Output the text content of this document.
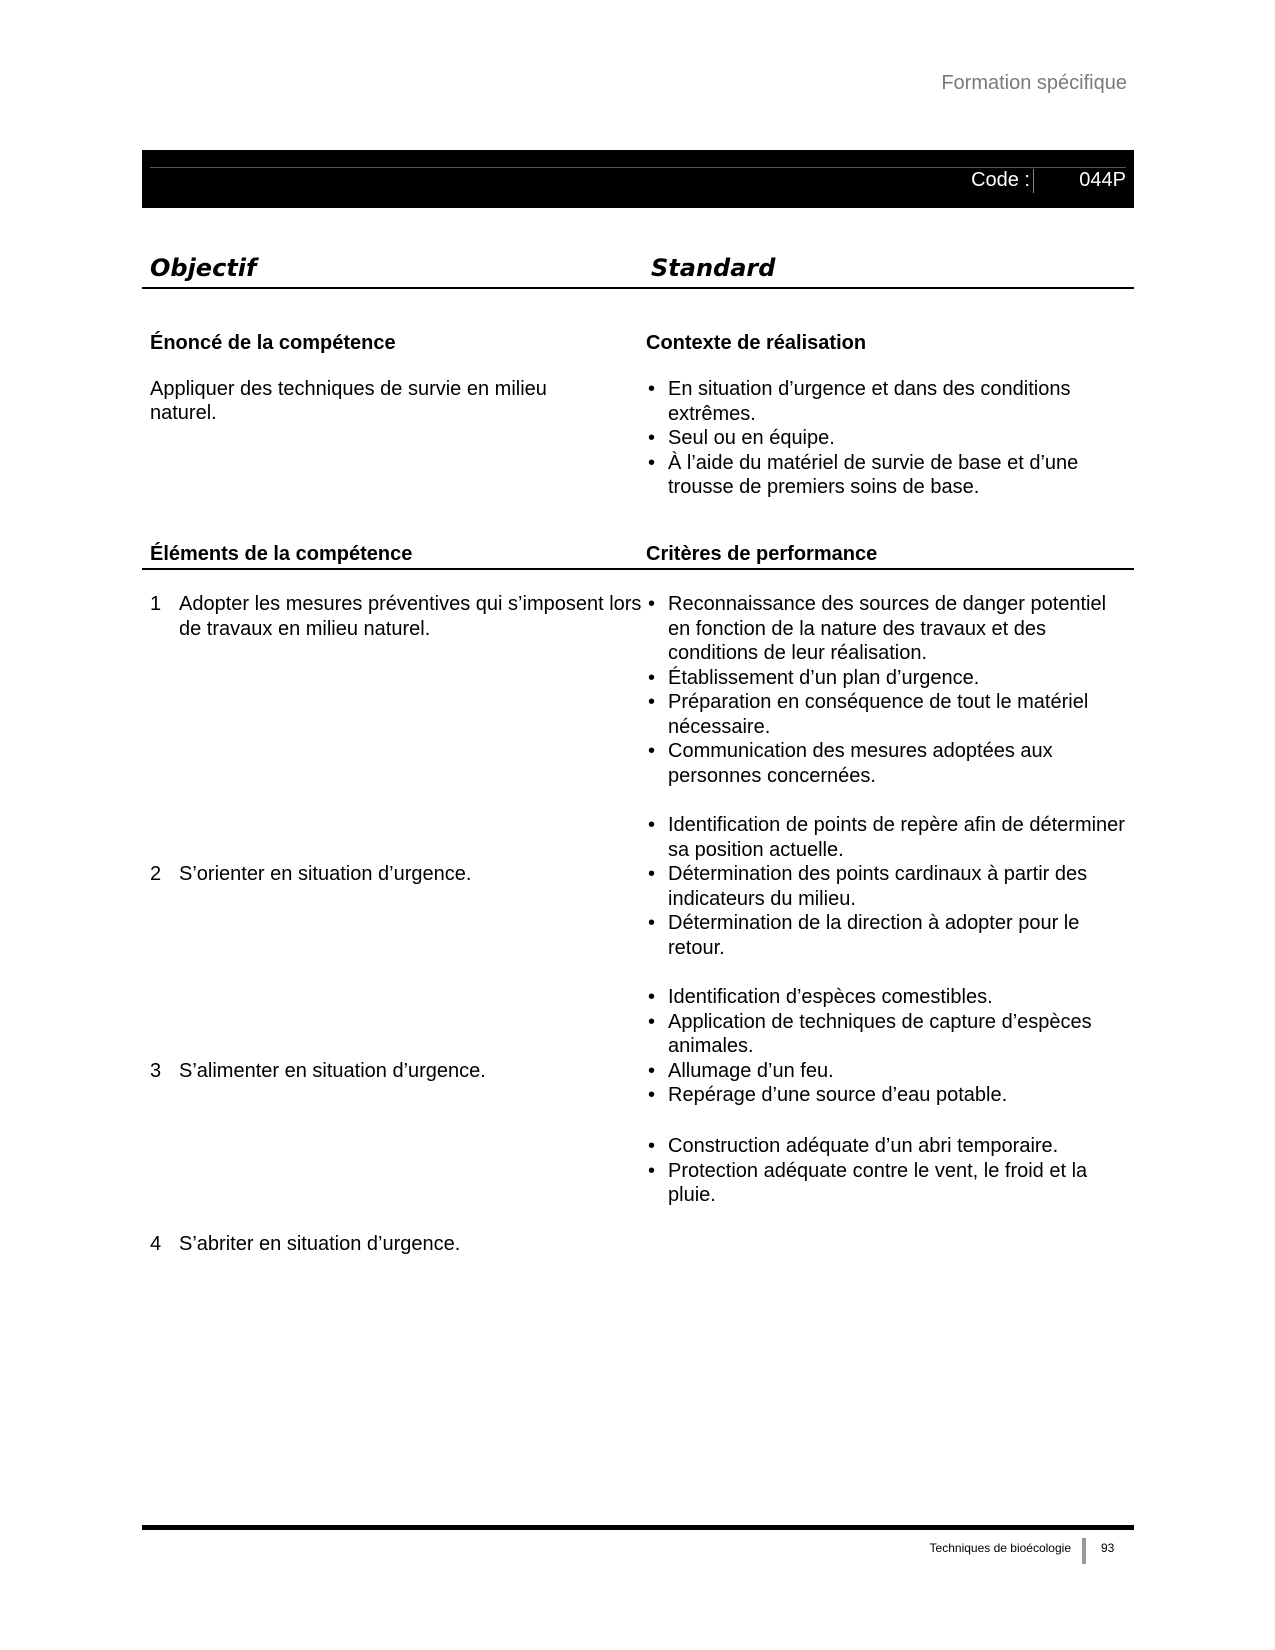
Formation spécifique
Code : 044P
Objectif	Standard
Énoncé de la compétence	Contexte de réalisation

Appliquer des techniques de survie en milieu naturel.

• En situation d’urgence et dans des conditions extrêmes.
• Seul ou en équipe.
• À l’aide du matériel de survie de base et d’une trousse de premiers soins de base.
Éléments de la compétence	Critères de performance
1 Adopter les mesures préventives qui s’imposent lors de travaux en milieu naturel.
• Reconnaissance des sources de danger potentiel en fonction de la nature des travaux et des conditions de leur réalisation.
• Établissement d’un plan d’urgence.
• Préparation en conséquence de tout le matériel nécessaire.
• Communication des mesures adoptées aux personnes concernées.
2 S’orienter en situation d’urgence.
• Identification de points de repère afin de déterminer sa position actuelle.
• Détermination des points cardinaux à partir des indicateurs du milieu.
• Détermination de la direction à adopter pour le retour.
3 S’alimenter en situation d’urgence.
• Identification d’espèces comestibles.
• Application de techniques de capture d’espèces animales.
• Allumage d’un feu.
• Repérage d’une source d’eau potable.
4 S’abriter en situation d’urgence.
• Construction adéquate d’un abri temporaire.
• Protection adéquate contre le vent, le froid et la pluie.
Techniques de bioécologie	93
